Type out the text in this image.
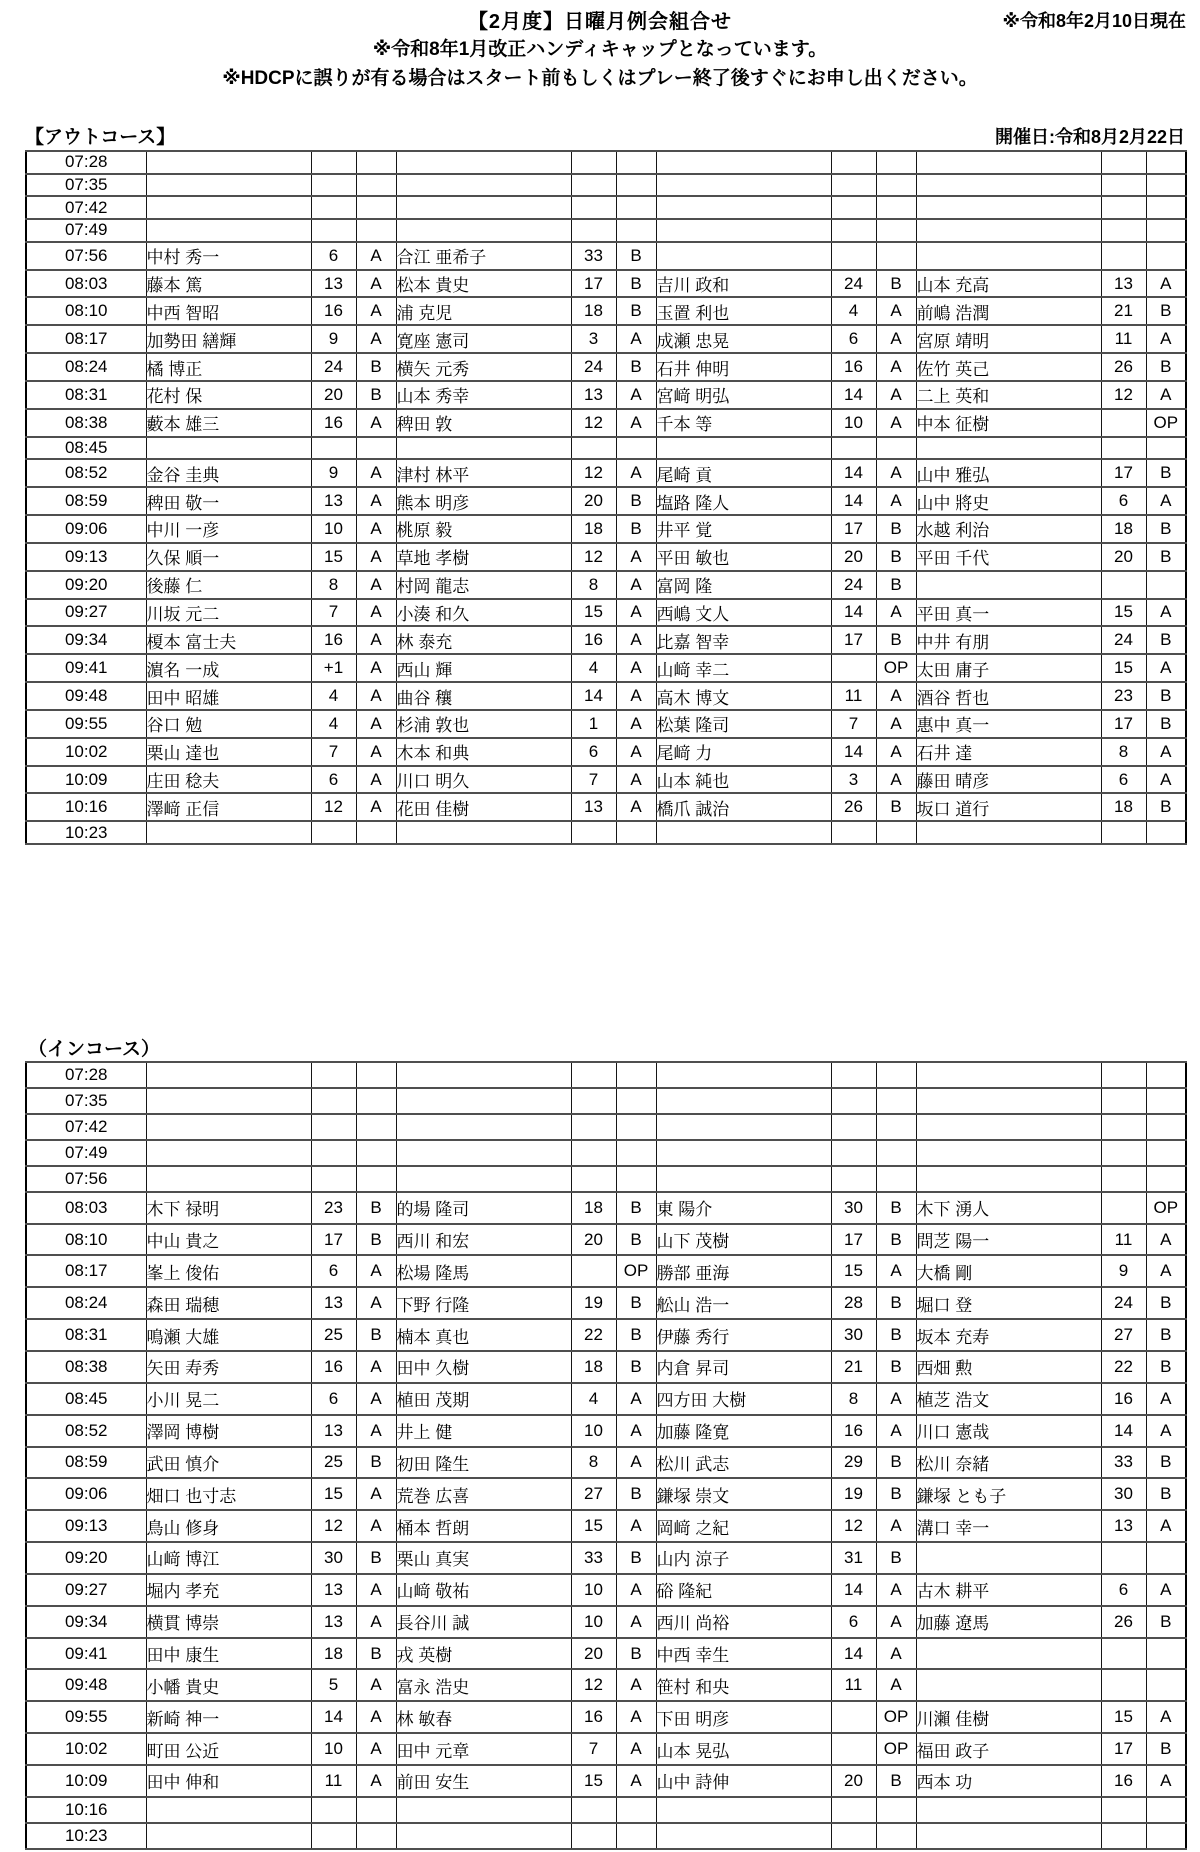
【2月度】日曜月例会組合せ	※令和8年2月10日現在
※令和8年1月改正ハンディキャップとなっています。
※HDCPに誤りが有る場合はスタート前もしくはプレー終了後すぐにお申し出ください。
【アウトコース】	開催日:令和8月2月22日
07:28												
07:35												
07:42												
07:49												
07:56	中村 秀一	6	A	合江 亜希子	33	B						
08:03	藤本 篤	13	A	松本 貴史	17	B	吉川 政和	24	B	山本 充高	13	A
08:10	中西 智昭	16	A	浦 克児	18	B	玉置 利也	4	A	前嶋 浩潤	21	B
08:17	加勢田 繕輝	9	A	寛座 憲司	3	A	成瀬 忠晃	6	A	宮原 靖明	11	A
08:24	橘 博正	24	B	横矢 元秀	24	B	石井 伸明	16	A	佐竹 英己	26	B
08:31	花村 保	20	B	山本 秀幸	13	A	宮﨑 明弘	14	A	二上 英和	12	A
08:38	藪本 雄三	16	A	稗田 敦	12	A	千本 等	10	A	中本 征樹		OP
08:45												
08:52	金谷 圭典	9	A	津村 林平	12	A	尾崎 貢	14	A	山中 雅弘	17	B
08:59	稗田 敬一	13	A	熊本 明彦	20	B	塩路 隆人	14	A	山中 將史	6	A
09:06	中川 一彦	10	A	桃原 毅	18	B	井平 覚	17	B	水越 利治	18	B
09:13	久保 順一	15	A	草地 孝樹	12	A	平田 敏也	20	B	平田 千代	20	B
09:20	後藤 仁	8	A	村岡 龍志	8	A	富岡 隆	24	B			
09:27	川坂 元二	7	A	小湊 和久	15	A	西嶋 文人	14	A	平田 真一	15	A
09:34	榎本 富士夫	16	A	林 泰充	16	A	比嘉 智幸	17	B	中井 有朋	24	B
09:41	濵名 一成	+1	A	西山 輝	4	A	山﨑 幸二		OP	太田 庸子	15	A
09:48	田中 昭雄	4	A	曲谷 穰	14	A	高木 博文	11	A	酒谷 哲也	23	B
09:55	谷口 勉	4	A	杉浦 敦也	1	A	松葉 隆司	7	A	惠中 真一	17	B
10:02	栗山 達也	7	A	木本 和典	6	A	尾﨑 力	14	A	石井 達	8	A
10:09	庄田 稔夫	6	A	川口 明久	7	A	山本 純也	3	A	藤田 晴彦	6	A
10:16	澤﨑 正信	12	A	花田 佳樹	13	A	橋爪 誠治	26	B	坂口 道行	18	B
10:23												
（インコース）
07:28												
07:35												
07:42												
07:49												
07:56												
08:03	木下 禄明	23	B	的場 隆司	18	B	東 陽介	30	B	木下 湧人		OP
08:10	中山 貴之	17	B	西川 和宏	20	B	山下 茂樹	17	B	問芝 陽一	11	A
08:17	峯上 俊佑	6	A	松場 隆馬		OP	勝部 亜海	15	A	大橋 剛	9	A
08:24	森田 瑞穂	13	A	下野 行隆	19	B	舩山 浩一	28	B	堀口 登	24	B
08:31	鳴瀬 大雄	25	B	楠本 真也	22	B	伊藤 秀行	30	B	坂本 充寿	27	B
08:38	矢田 寿秀	16	A	田中 久樹	18	B	内倉 昇司	21	B	西畑 勲	22	B
08:45	小川 晃二	6	A	植田 茂期	4	A	四方田 大樹	8	A	植芝 浩文	16	A
08:52	澤岡 博樹	13	A	井上 健	10	A	加藤 隆寛	16	A	川口 憲哉	14	A
08:59	武田 慎介	25	B	初田 隆生	8	A	松川 武志	29	B	松川 奈緒	33	B
09:06	畑口 也寸志	15	A	荒巻 広喜	27	B	鎌塚 崇文	19	B	鎌塚 とも子	30	B
09:13	鳥山 修身	12	A	桶本 哲朗	15	A	岡﨑 之紀	12	A	溝口 幸一	13	A
09:20	山﨑 博江	30	B	栗山 真実	33	B	山内 涼子	31	B			
09:27	堀内 孝充	13	A	山﨑 敬祐	10	A	硲 隆紀	14	A	古木 耕平	6	A
09:34	横貫 博崇	13	A	長谷川 誠	10	A	西川 尚裕	6	A	加藤 遼馬	26	B
09:41	田中 康生	18	B	戎 英樹	20	B	中西 幸生	14	A			
09:48	小幡 貴史	5	A	富永 浩史	12	A	笹村 和央	11	A			
09:55	新崎 神一	14	A	林 敏春	16	A	下田 明彦		OP	川瀨 佳樹	15	A
10:02	町田 公近	10	A	田中 元章	7	A	山本 晃弘		OP	福田 政子	17	B
10:09	田中 伸和	11	A	前田 安生	15	A	山中 詩伸	20	B	西本 功	16	A
10:16												
10:23												
